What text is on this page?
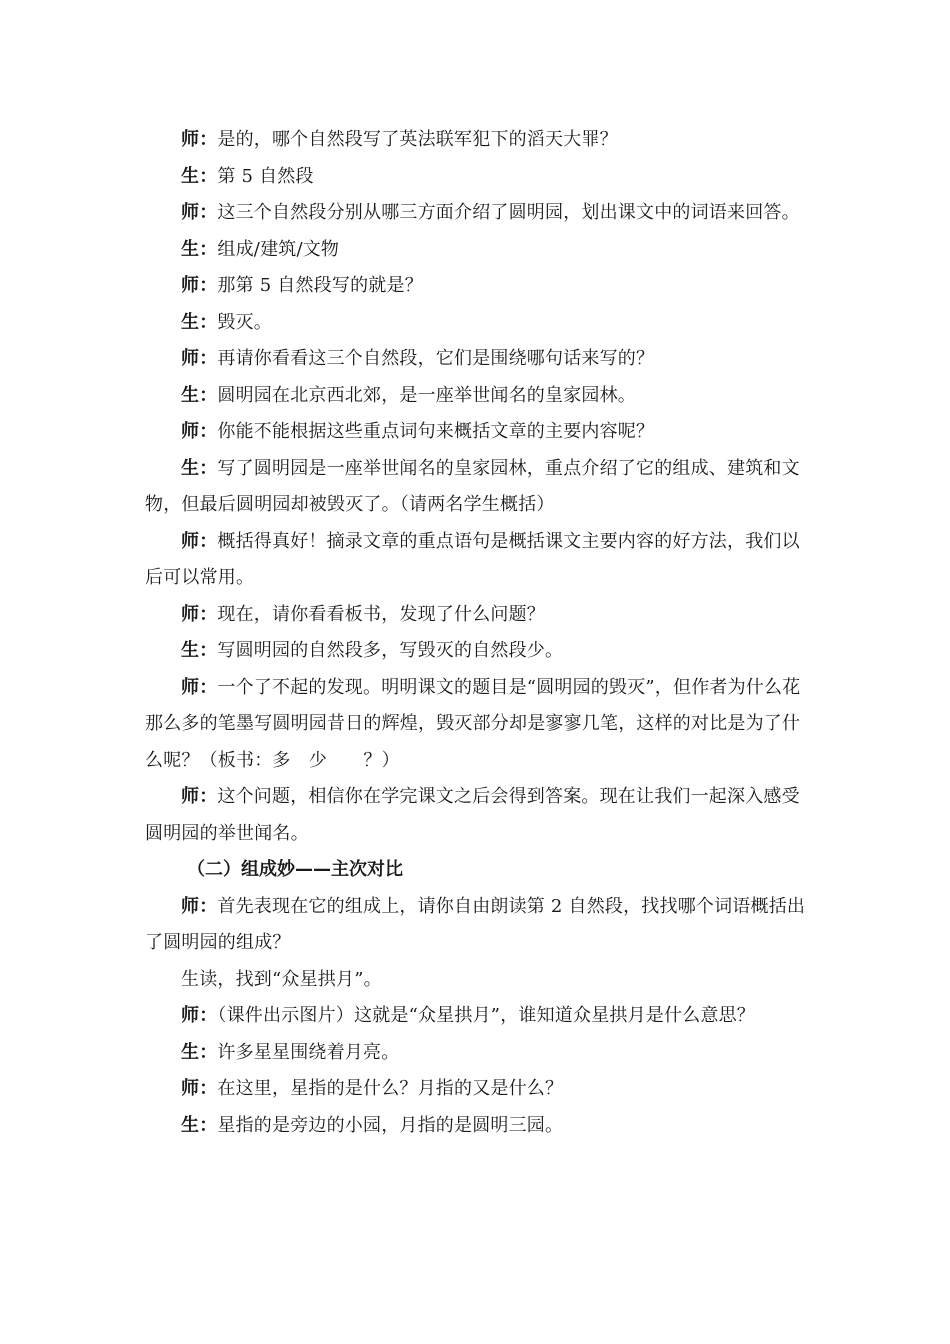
师：是的，哪个自然段写了英法联军犯下的滔天大罪？

生：第 5 自然段

师：这三个自然段分别从哪三方面介绍了圆明园，划出课文中的词语来回答。

生：组成/建筑/文物

师：那第 5 自然段写的就是？

生：毁灭。

师：再请你看看这三个自然段，它们是围绕哪句话来写的？

生：圆明园在北京西北郊，是一座举世闻名的皇家园林。

师：你能不能根据这些重点词句来概括文章的主要内容呢？

生：写了圆明园是一座举世闻名的皇家园林，重点介绍了它的组成、建筑和文物，但最后圆明园却被毁灭了。（请两名学生概括）

师：概括得真好！摘录文章的重点语句是概括课文主要内容的好方法，我们以后可以常用。

师：现在，请你看看板书，发现了什么问题？

生：写圆明园的自然段多，写毁灭的自然段少。

师：一个了不起的发现。明明课文的题目是“圆明园的毁灭”，但作者为什么花那么多的笔墨写圆明园昔日的辉煌，毁灭部分却是寥寥几笔，这样的对比是为了什么呢？（板书：多　少　　？）

师：这个问题，相信你在学完课文之后会得到答案。现在让我们一起深入感受圆明园的举世闻名。

（二）组成妙——主次对比

师：首先表现在它的组成上，请你自由朗读第 2 自然段，找找哪个词语概括出了圆明园的组成？

生读，找到“众星拱月”。

师：（课件出示图片）这就是“众星拱月”，谁知道众星拱月是什么意思？

生：许多星星围绕着月亮。

师：在这里，星指的是什么？月指的又是什么？

生：星指的是旁边的小园，月指的是圆明三园。
